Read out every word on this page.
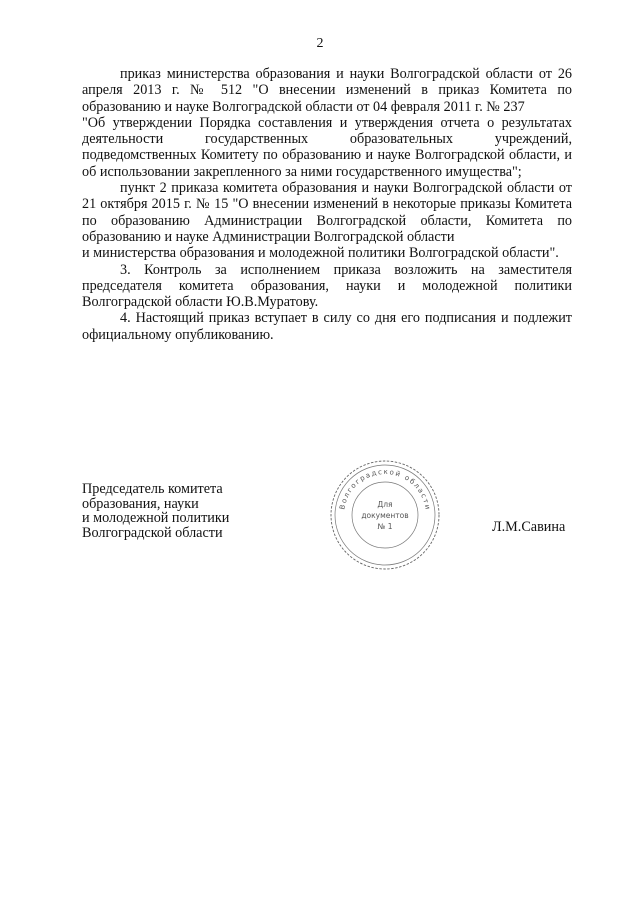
2

приказ министерства образования и науки Волгоградской области от 26 апреля 2013 г. № 512 "О внесении изменений в приказ Комитета по образованию и науке Волгоградской области от 04 февраля 2011 г. № 237

"Об утверждении Порядка составления и утверждения отчета о результатах деятельности государственных образовательных учреждений, подведомственных Комитету по образованию и науке Волгоградской области, и об использовании закрепленного за ними государственного имущества";

пункт 2 приказа комитета образования и науки Волгоградской области от 21 октября 2015 г. № 15 "О внесении изменений в некоторые приказы Комитета по образованию Администрации Волгоградской области, Комитета по образованию и науке Администрации Волгоградской области

и министерства образования и молодежной политики Волгоградской области".

3. Контроль за исполнением приказа возложить на заместителя председателя комитета образования, науки и молодежной политики Волгоградской области Ю.В.Муратову.

4. Настоящий приказ вступает в силу со дня его подписания и подлежит официальному опубликованию.

Председатель комитета
образования, науки
и молодежной политики
Волгоградской области
Волгоградской области
Для
документов
№ 1	Л.М.Савина
